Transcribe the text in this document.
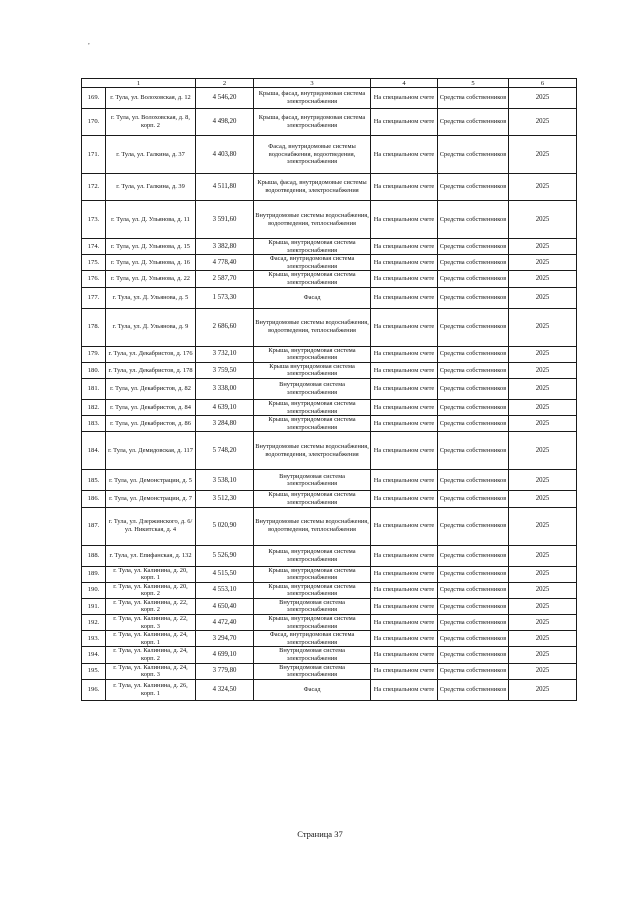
,
1		2	3	4	5	6
169.	г. Тула, ул. Волоховская, д. 12	4 546,20	Крыша, фасад, внутридомовая система электроснабжения	На специальном счете	Средства собственников	2025
170.	г. Тула, ул. Волоховская, д. 8, корп. 2	4 498,20	Крыша, фасад, внутридомовая система электроснабжения	На специальном счете	Средства собственников	2025
171.	г. Тула, ул. Галкина, д. 37	4 403,80	Фасад, внутридомовые системы водоснабжения, водоотведения, электроснабжения	На специальном счете	Средства собственников	2025
172.	г. Тула, ул. Галкина, д. 39	4 511,80	Крыша, фасад, внутридомовые системы водоотведения, электроснабжения	На специальном счете	Средства собственников	2025
173.	г. Тула, ул. Д. Ульянова, д. 11	3 591,60	Внутридомовые системы водоснабжения, водоотведения, теплоснабжения	На специальном счете	Средства собственников	2025
174.	г. Тула, ул. Д. Ульянова, д. 15	3 382,80	Крыша, внутридомовая система электроснабжения	На специальном счете	Средства собственников	2025
175.	г. Тула, ул. Д. Ульянова, д. 16	4 778,40	Фасад, внутридомовая система электроснабжения	На специальном счете	Средства собственников	2025
176.	г. Тула, ул. Д. Ульянова, д. 22	2 587,70	Крыша, внутридомовая система электроснабжения	На специальном счете	Средства собственников	2025
177.	г. Тула, ул. Д. Ульянова, д. 5	1 573,30	Фасад	На специальном счете	Средства собственников	2025
178.	г. Тула, ул. Д. Ульянова, д. 9	2 686,60	Внутридомовые системы водоснабжения, водоотведения, теплоснабжения	На специальном счете	Средства собственников	2025
179.	г. Тула, ул. Декабристов, д. 176	3 732,10	Крыша, внутридомовая система электроснабжения	На специальном счете	Средства собственников	2025
180.	г. Тула, ул. Декабристов, д. 178	3 759,50	Крыша внутридомовая система электроснабжения	На специальном счете	Средства собственников	2025
181.	г. Тула, ул. Декабристов, д. 82	3 338,00	Внутридомовая система электроснабжения	На специальном счете	Средства собственников	2025
182.	г. Тула, ул. Декабристов, д. 84	4 639,10	Крыша, внутридомовая система электроснабжения	На специальном счете	Средства собственников	2025
183.	г. Тула, ул. Декабристов, д. 86	3 284,80	Крыша, внутридомовая система электроснабжения	На специальном счете	Средства собственников	2025
184.	г. Тула, ул. Демидовская, д. 117	5 748,20	Внутридомовые системы водоснабжения, водоотведения, электроснабжения	На специальном счете	Средства собственников	2025
185.	г. Тула, ул. Демонстрации, д. 5	3 538,10	Внутридомовая система электроснабжения	На специальном счете	Средства собственников	2025
186.	г. Тула, ул. Демонстрации, д. 7	3 512,30	Крыша, внутридомовая система электроснабжения	На специальном счете	Средства собственников	2025
187.	г. Тула, ул. Дзержинского, д. 6/ ул. Никитская, д. 4	5 020,90	Внутридомовые системы водоснабжения, водоотведения, теплоснабжения	На специальном счете	Средства собственников	2025
188.	г. Тула, ул. Епифанская, д. 132	5 526,90	Крыша, внутридомовая система электроснабжения	На специальном счете	Средства собственников	2025
189.	г. Тула, ул. Калинина, д. 20, корп. 1	4 515,50	Крыша, внутридомовая система электроснабжения	На специальном счете	Средства собственников	2025
190.	г. Тула, ул. Калинина, д. 20, корп. 2	4 553,10	Крыша, внутридомовая система электроснабжения	На специальном счете	Средства собственников	2025
191.	г. Тула, ул. Калинина, д. 22, корп. 2	4 650,40	Внутридомовая система электроснабжения	На специальном счете	Средства собственников	2025
192.	г. Тула, ул. Калинина, д. 22, корп. 3	4 472,40	Крыша, внутридомовая система электроснабжения	На специальном счете	Средства собственников	2025
193.	г. Тула, ул. Калинина, д. 24, корп. 1	3 294,70	Фасад, внутридомовая система электроснабжения	На специальном счете	Средства собственников	2025
194.	г. Тула, ул. Калинина, д. 24, корп. 2	4 699,10	Внутридомовая система электроснабжения	На специальном счете	Средства собственников	2025
195.	г. Тула, ул. Калинина, д. 24, корп. 3	3 779,80	Внутридомовая система электроснабжения	На специальном счете	Средства собственников	2025
196.	г. Тула, ул. Калинина, д. 26, корп. 1	4 324,50	Фасад	На специальном счете	Средства собственников	2025
Страница 37
